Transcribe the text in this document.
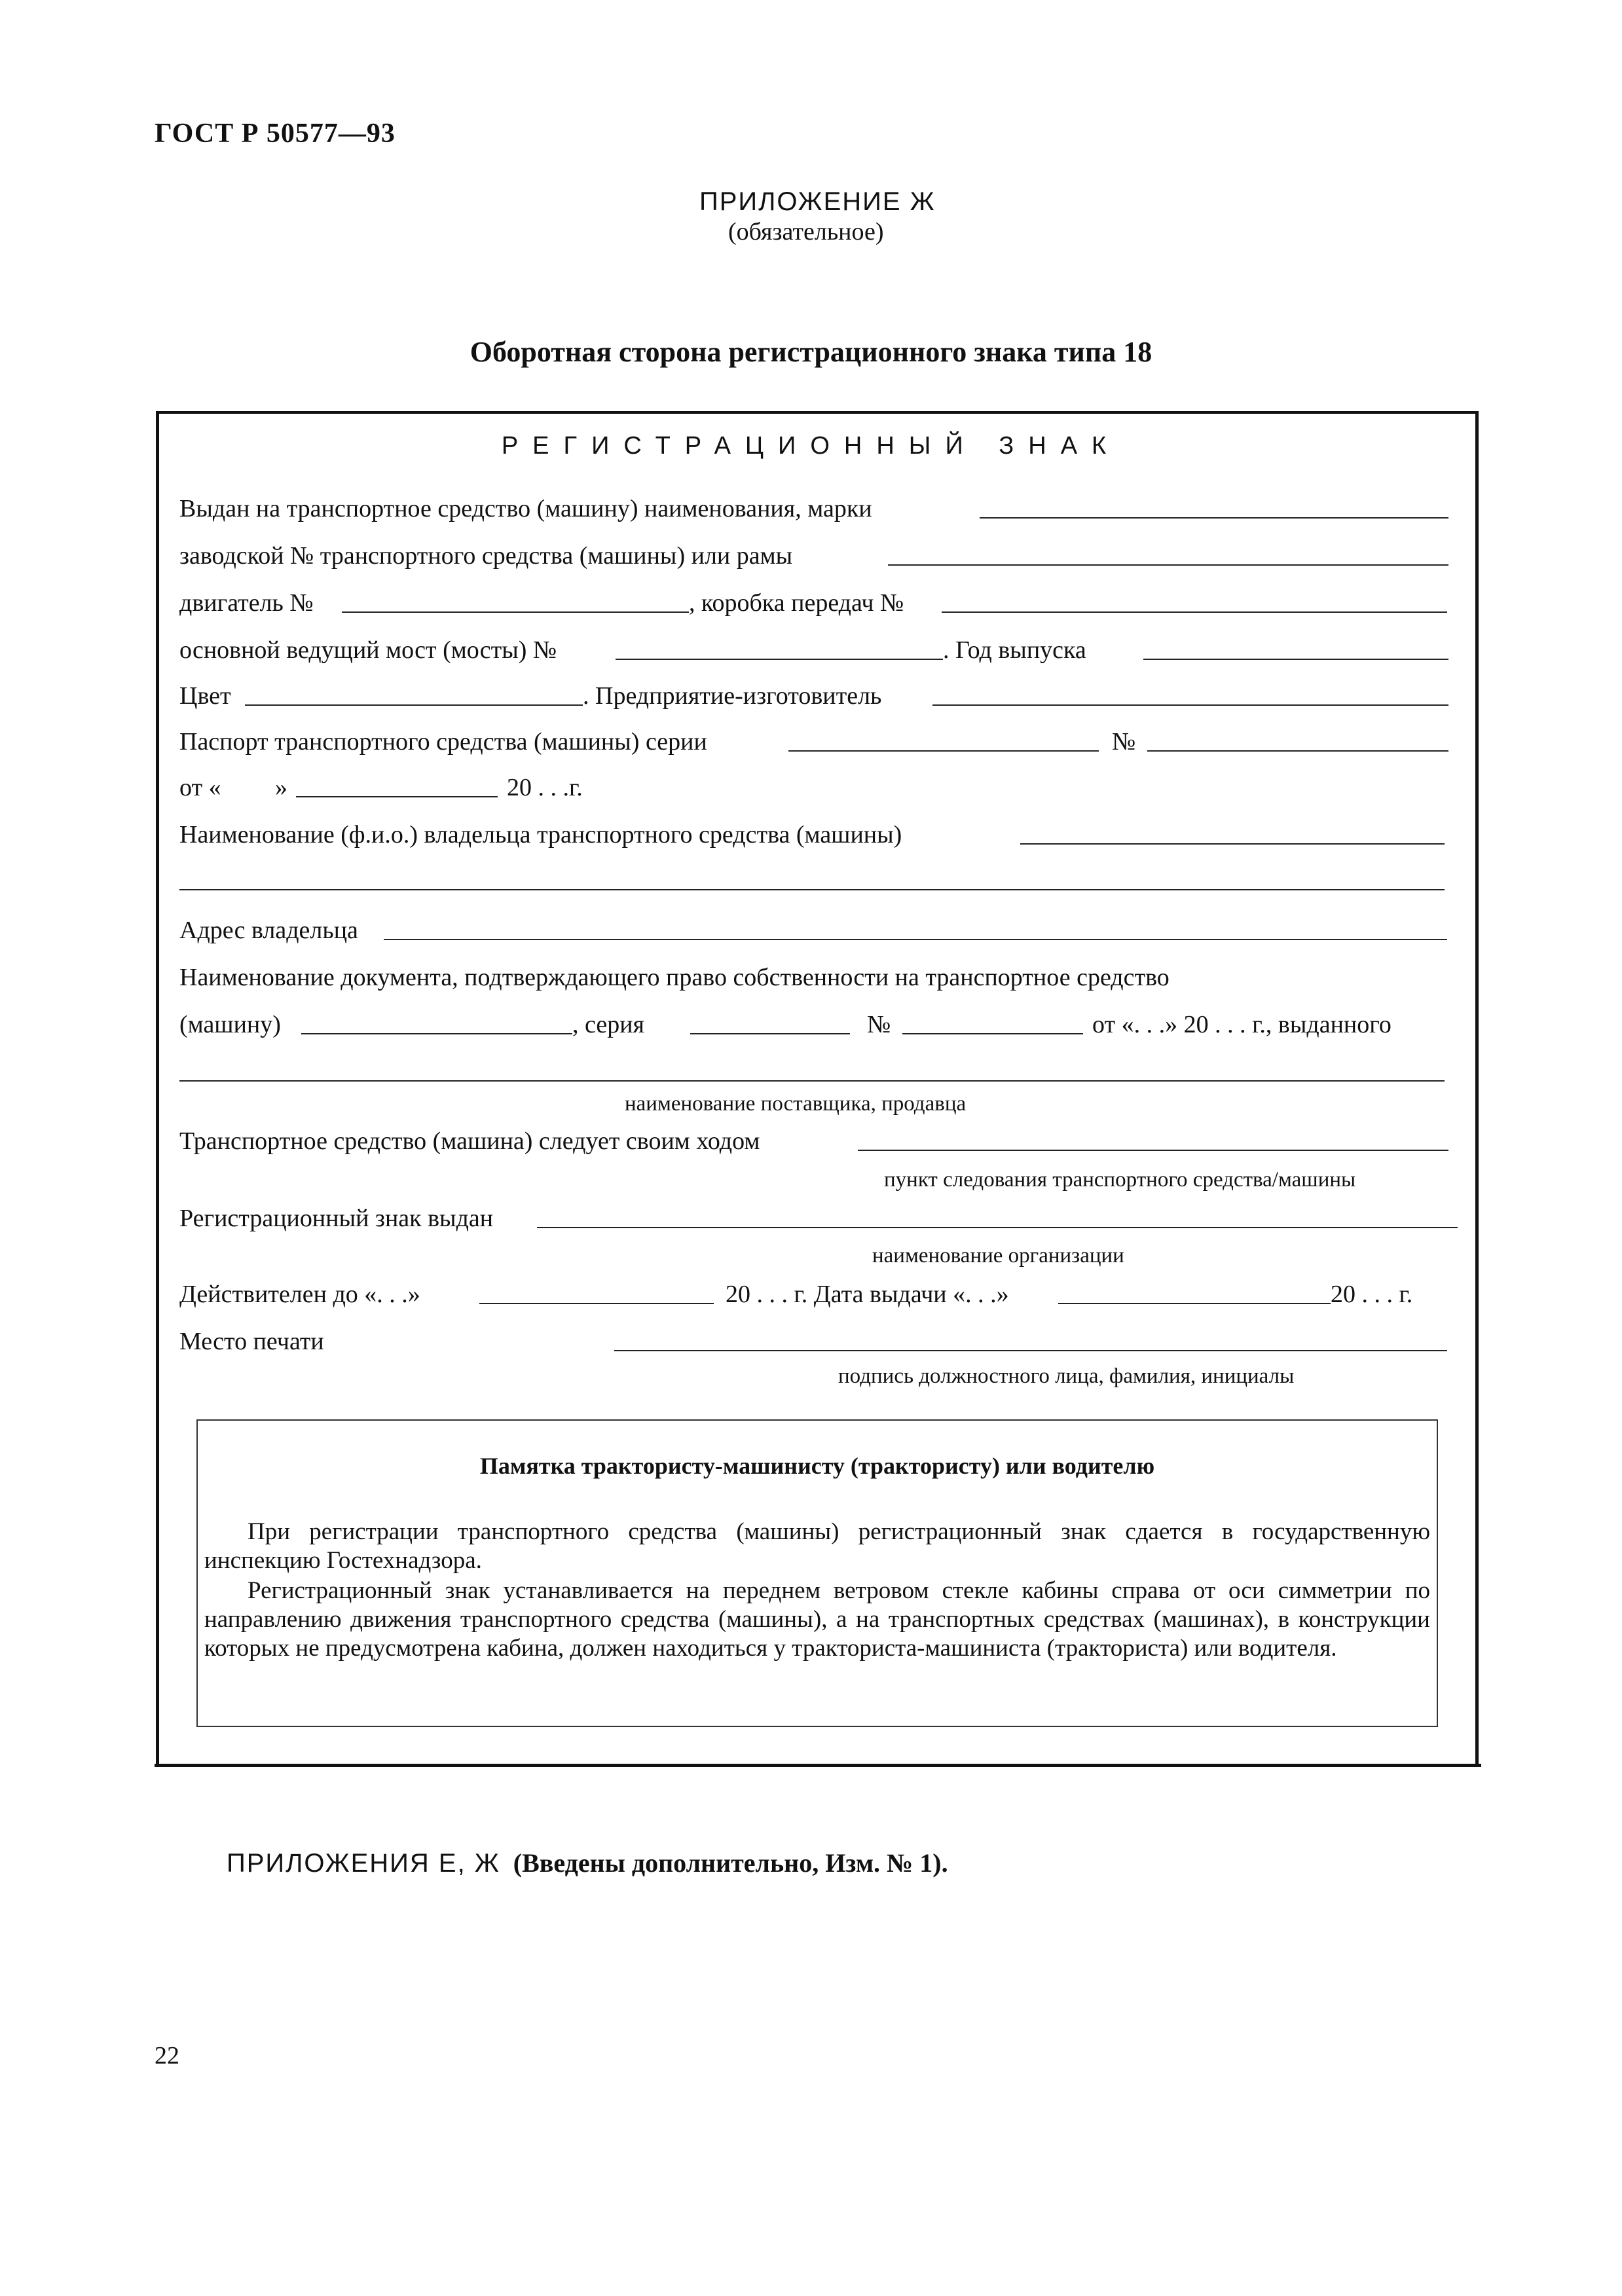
ГОСТ Р 50577—93
ПРИЛОЖЕНИЕ Ж
(обязательное)
Оборотная сторона регистрационного знака типа 18
РЕГИСТРАЦИОННЫЙ ЗНАК
Выдан на транспортное средство (машину) наименования, марки
заводской № транспортного средства (машины) или рамы
двигатель №	, коробка передач №
основной ведущий мост (мосты) №	. Год выпуска
Цвет	. Предприятие-изготовитель
Паспорт транспортного средства (машины) серии	№
от « »	20 . . .г.
Наименование (ф.и.о.) владельца транспортного средства (машины)
Адрес владельца
Наименование документа, подтверждающего право собственности на транспортное средство
(машину)	, серия	№	от «. . .» 20 . . . г., выданного
наименование поставщика, продавца
Транспортное средство (машина) следует своим ходом
пункт следования транспортного средства/машины
Регистрационный знак выдан
наименование организации
Действителен до «. . .»	20 . . . г. Дата выдачи «. . .»	20 . . . г.
Место печати
подпись должностного лица, фамилия, инициалы
Памятка трактористу-машинисту (трактористу) или водителю
При регистрации транспортного средства (машины) регистрационный знак сдается в государственную инспекцию Гостехнадзора.
Регистрационный знак устанавливается на переднем ветровом стекле кабины справа от оси симметрии по направлению движения транспортного средства (машины), а на транспортных средствах (машинах), в конструкции которых не предусмотрена кабина, должен находиться у тракториста-машиниста (тракториста) или водителя.
ПРИЛОЖЕНИЯ Е, Ж (Введены дополнительно, Изм. № 1).
22
